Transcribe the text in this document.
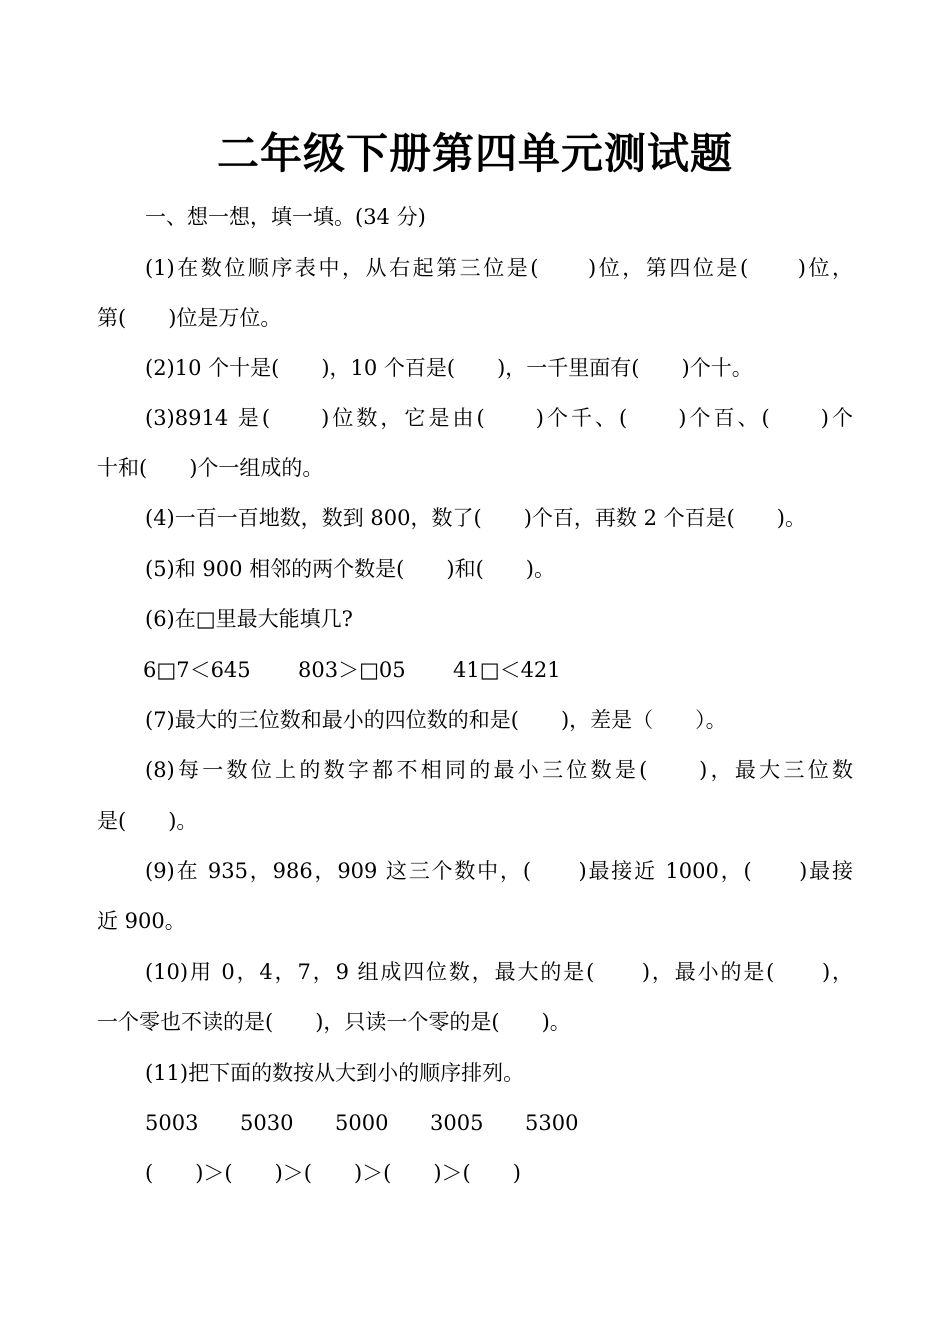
二年级下册第四单元测试题
一、想一想，填一填。(34 分)
(1)在数位顺序表中，从右起第三位是(　　)位，第四位是(　　)位，
第(　　)位是万位。
(2)10 个十是(　　)，10 个百是(　　)，一千里面有(　　)个十。
(3)8914 是(　　)位数，它是由(　　)个千、(　　)个百、(　　)个
十和(　　)个一组成的。
(4)一百一百地数，数到 800，数了(　　)个百，再数 2 个百是(　　)。
(5)和 900 相邻的两个数是(　　)和(　　)。
(6)在□里最大能填几?
6□7＜645 803＞□05 41□＜421
(7)最大的三位数和最小的四位数的和是(　　)，差是（　　）。
(8)每一数位上的数字都不相同的最小三位数是(　　)，最大三位数
是(　　)。
(9)在 935，986，909 这三个数中，(　　)最接近 1000，(　　)最接
近 900。
(10)用 0，4，7，9 组成四位数，最大的是(　　)，最小的是(　　)，
一个零也不读的是(　　)，只读一个零的是(　　)。
(11)把下面的数按从大到小的顺序排列。
5003 5030 5000 3005 5300
(　　)＞(　　)＞(　　)＞(　　)＞(　　)
